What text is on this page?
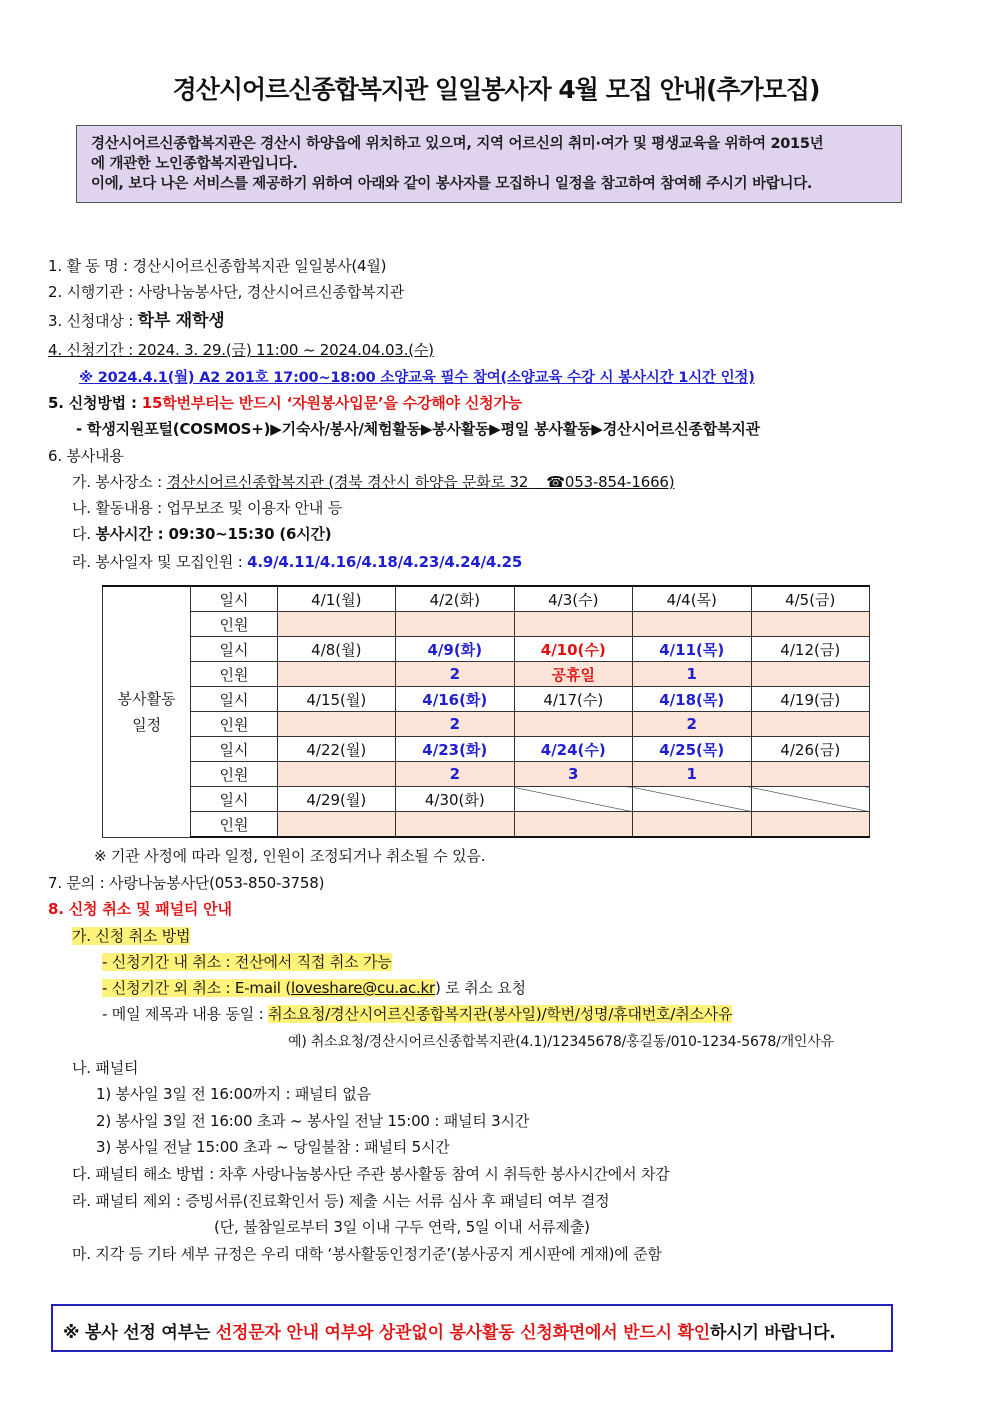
경산시어르신종합복지관 일일봉사자 4월 모집 안내(추가모집)
경산시어르신종합복지관은 경산시 하양읍에 위치하고 있으며, 지역 어르신의 취미·여가 및 평생교육을 위하여 2015년
에 개관한 노인종합복지관입니다.
이에, 보다 나은 서비스를 제공하기 위하여 아래와 같이 봉사자를 모집하니 일정을 참고하여 참여해 주시기 바랍니다.
1. 활 동 명 : 경산시어르신종합복지관 일일봉사(4월)
2. 시행기관 : 사랑나눔봉사단, 경산시어르신종합복지관
3. 신청대상 : 학부 재학생
4. 신청기간 : 2024. 3. 29.(금) 11:00 ~ 2024.04.03.(수)
※ 2024.4.1(월) A2 201호 17:00~18:00 소양교육 필수 참여(소양교육 수강 시 봉사시간 1시간 인정)
5. 신청방법 : 15학번부터는 반드시 ‘자원봉사입문’을 수강해야 신청가능
- 학생지원포털(COSMOS+)▶기숙사/봉사/체험활동▶봉사활동▶평일 봉사활동▶경산시어르신종합복지관
6. 봉사내용
가. 봉사장소 : 경산시어르신종합복지관 (경북 경산시 하양읍 문화로 32 ☎053-854-1666)
나. 활동내용 : 업무보조 및 이용자 안내 등
다. 봉사시간 : 09:30~15:30 (6시간)
라. 봉사일자 및 모집인원 : 4.9/4.11/4.16/4.18/4.23/4.24/4.25
봉사활동
일정	일시	4/1(월)	4/2(화)	4/3(수)	4/4(목)	4/5(금)
	인원					
	일시	4/8(월)	4/9(화)	4/10(수)	4/11(목)	4/12(금)
	인원		2	공휴일	1	
	일시	4/15(월)	4/16(화)	4/17(수)	4/18(목)	4/19(금)
	인원		2		2	
	일시	4/22(월)	4/23(화)	4/24(수)	4/25(목)	4/26(금)
	인원		2	3	1	
	일시	4/29(월)	4/30(화)			
	인원					
※ 기관 사정에 따라 일정, 인원이 조정되거나 취소될 수 있음.
7. 문의 : 사랑나눔봉사단(053-850-3758)
8. 신청 취소 및 패널티 안내
가. 신청 취소 방법
- 신청기간 내 취소 : 전산에서 직접 취소 가능
- 신청기간 외 취소 : E-mail (loveshare@cu.ac.kr) 로 취소 요청
- 메일 제목과 내용 동일 : 취소요청/경산시어르신종합복지관(봉사일)/학번/성명/휴대번호/취소사유
예) 취소요청/경산시어르신종합복지관(4.1)/12345678/홍길동/010-1234-5678/개인사유
나. 패널티
1) 봉사일 3일 전 16:00까지 : 패널티 없음
2) 봉사일 3일 전 16:00 초과 ~ 봉사일 전날 15:00 : 패널티 3시간
3) 봉사일 전날 15:00 초과 ~ 당일불참 : 패널티 5시간
다. 패널티 해소 방법 : 차후 사랑나눔봉사단 주관 봉사활동 참여 시 취득한 봉사시간에서 차감
라. 패널티 제외 : 증빙서류(진료확인서 등) 제출 시는 서류 심사 후 패널티 여부 결정
(단, 불참일로부터 3일 이내 구두 연락, 5일 이내 서류제출)
마. 지각 등 기타 세부 규정은 우리 대학 ‘봉사활동인정기준’(봉사공지 게시판에 게재)에 준함
※ 봉사 선정 여부는 선정문자 안내 여부와 상관없이 봉사활동 신청화면에서 반드시 확인하시기 바랍니다.
